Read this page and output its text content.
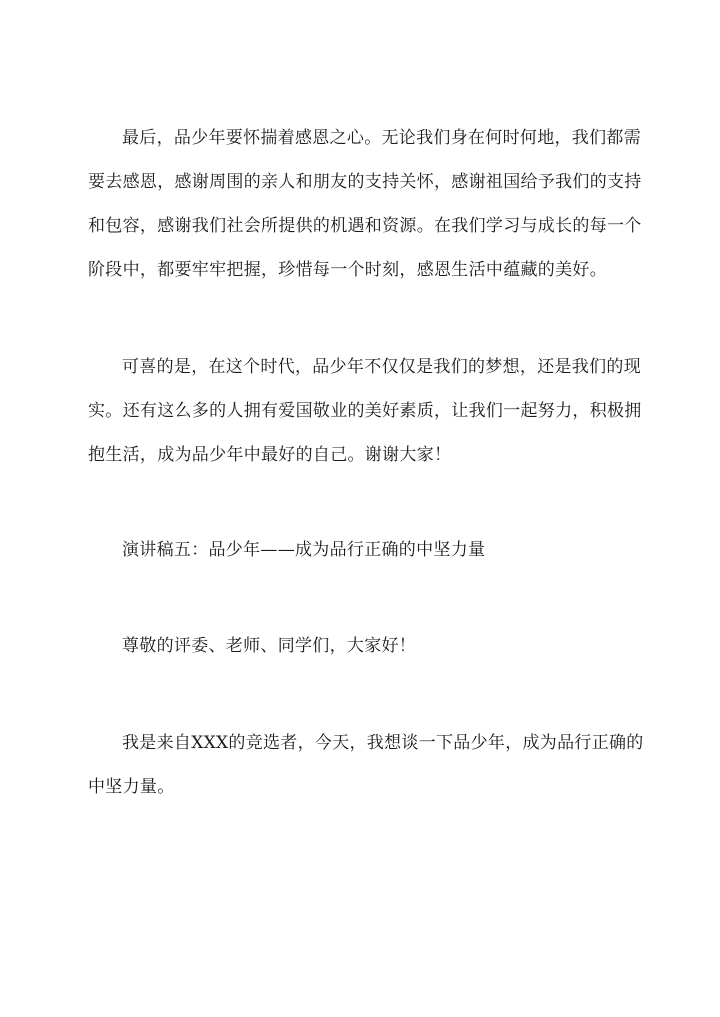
最后，品少年要怀揣着感恩之心。无论我们身在何时何地，我们都需
要去感恩，感谢周围的亲人和朋友的支持关怀，感谢祖国给予我们的支持
和包容，感谢我们社会所提供的机遇和资源。在我们学习与成长的每一个
阶段中，都要牢牢把握，珍惜每一个时刻，感恩生活中蕴藏的美好。
可喜的是，在这个时代，品少年不仅仅是我们的梦想，还是我们的现
实。还有这么多的人拥有爱国敬业的美好素质，让我们一起努力，积极拥
抱生活，成为品少年中最好的自己。谢谢大家！
演讲稿五：品少年——成为品行正确的中坚力量
尊敬的评委、老师、同学们，大家好！
我是来自XXX的竞选者，今天，我想谈一下品少年，成为品行正确的
中坚力量。
